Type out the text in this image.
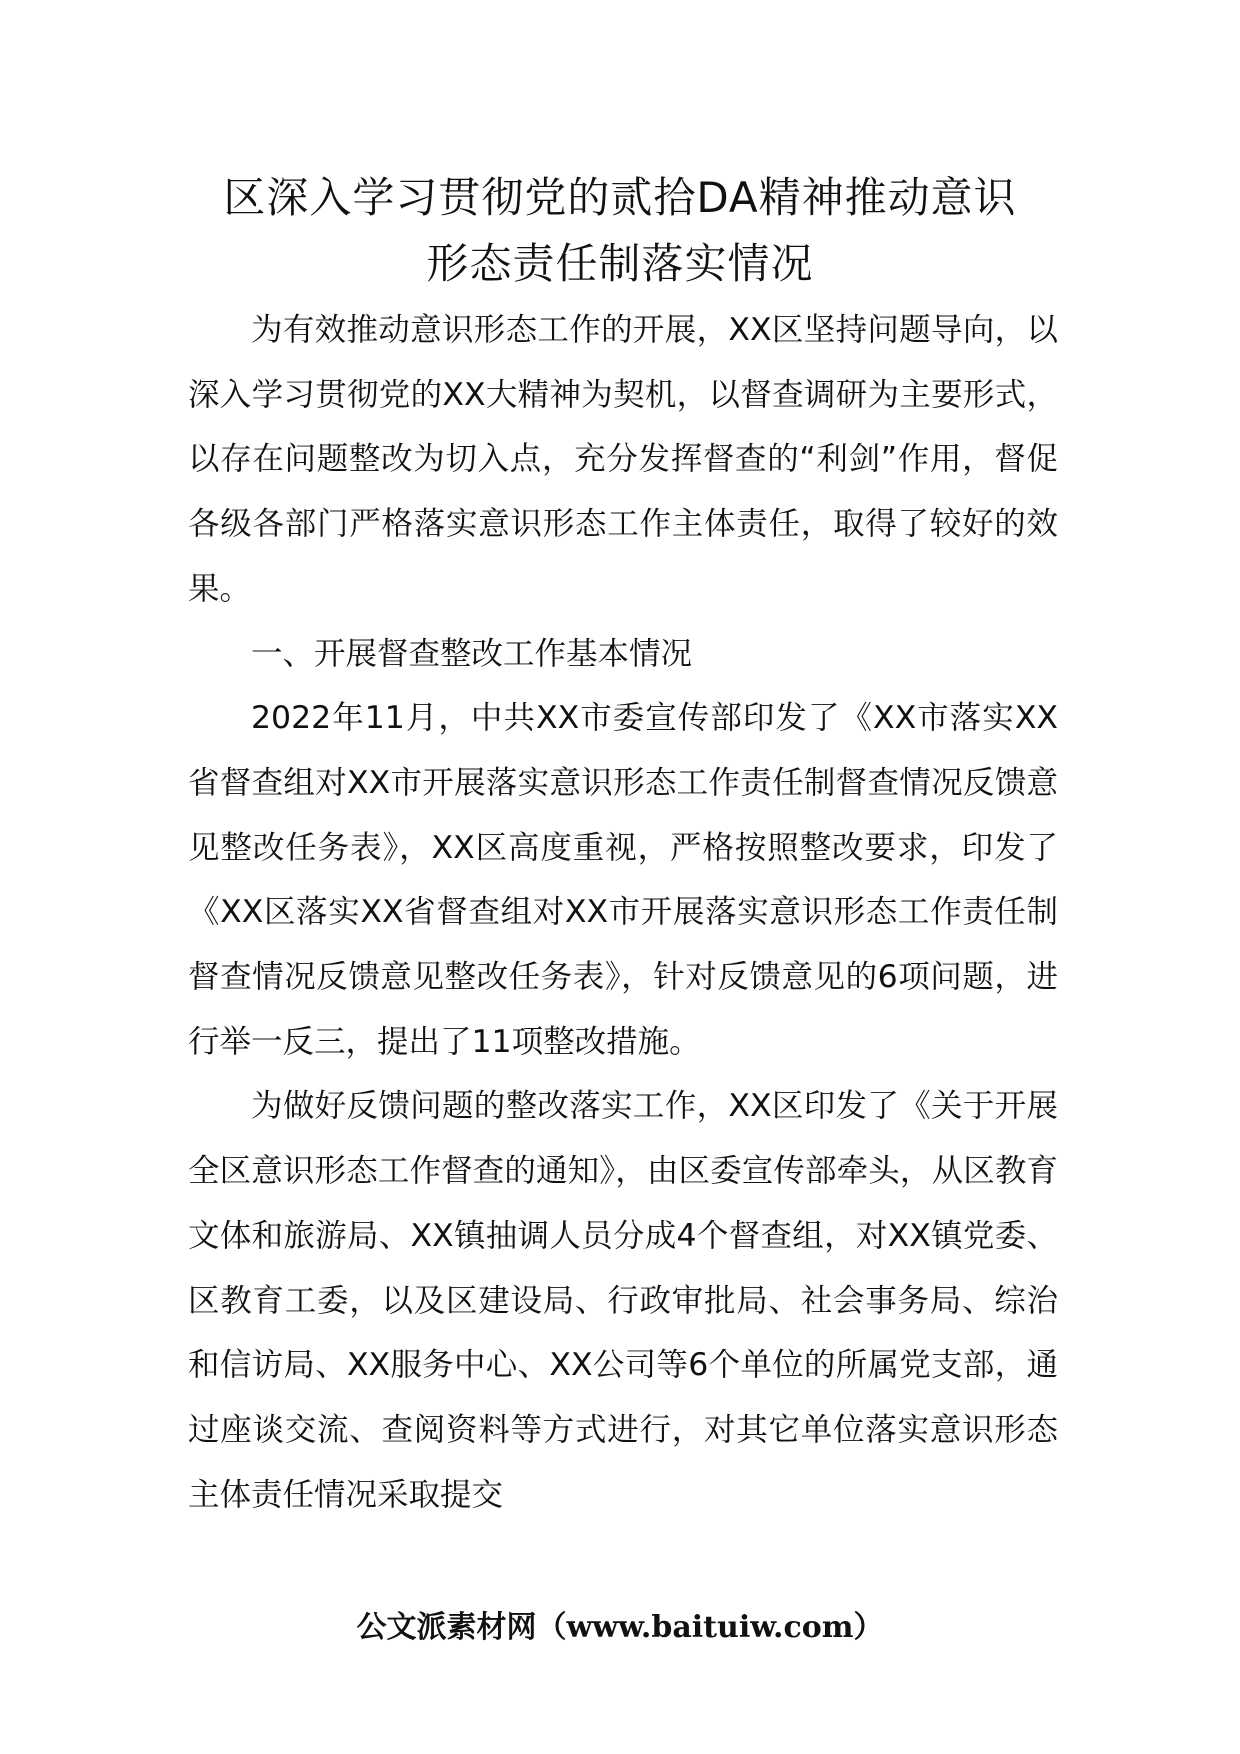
区深入学习贯彻党的贰拾DA精神推动意识
形态责任制落实情况

为有效推动意识形态工作的开展，XX区坚持问题导向，以深入学习贯彻党的XX大精神为契机，以督查调研为主要形式，以存在问题整改为切入点，充分发挥督查的“利剑”作用，督促各级各部门严格落实意识形态工作主体责任，取得了较好的效果。

一、开展督查整改工作基本情况

2022年11月，中共XX市委宣传部印发了《XX市落实XX省督查组对XX市开展落实意识形态工作责任制督查情况反馈意见整改任务表》，XX区高度重视，严格按照整改要求，印发了《XX区落实XX省督查组对XX市开展落实意识形态工作责任制督查情况反馈意见整改任务表》，针对反馈意见的6项问题，进行举一反三，提出了11项整改措施。

为做好反馈问题的整改落实工作，XX区印发了《关于开展全区意识形态工作督查的通知》，由区委宣传部牵头，从区教育文体和旅游局、XX镇抽调人员分成4个督查组，对XX镇党委、区教育工委，以及区建设局、行政审批局、社会事务局、综治和信访局、XX服务中心、XX公司等6个单位的所属党支部，通过座谈交流、查阅资料等方式进行，对其它单位落实意识形态主体责任情况采取提交

公文派素材网（www.baituiw.com）
